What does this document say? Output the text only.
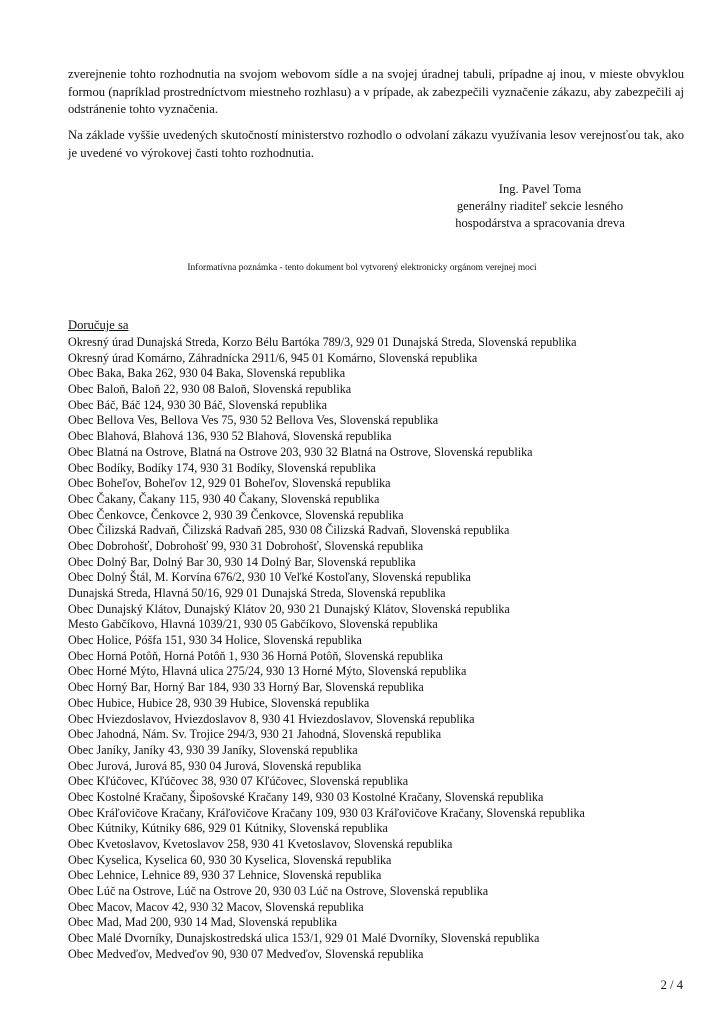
zverejnenie tohto rozhodnutia na svojom webovom sídle a na svojej úradnej tabuli, prípadne aj inou, v mieste obvyklou formou (napríklad prostredníctvom miestneho rozhlasu) a v prípade, ak zabezpečili vyznačenie zákazu, aby zabezpečili aj odstránenie tohto vyznačenia.

Na základe vyššie uvedených skutočností ministerstvo rozhodlo o odvolaní zákazu využívania lesov verejnosťou tak, ako je uvedené vo výrokovej časti tohto rozhodnutia.

Ing. Pavel Toma
generálny riaditeľ sekcie lesného
hospodárstva a spracovania dreva
Informatívna poznámka - tento dokument bol vytvorený elektronicky orgánom verejnej moci
Doručuje sa
Okresný úrad Dunajská Streda, Korzo Bélu Bartóka 789/3, 929 01 Dunajská Streda, Slovenská republika
Okresný úrad Komárno, Záhradnícka 2911/6, 945 01 Komárno, Slovenská republika
Obec Baka, Baka 262, 930 04 Baka, Slovenská republika
Obec Baloň, Baloň 22, 930 08 Baloň, Slovenská republika
Obec Báč, Báč 124, 930 30 Báč, Slovenská republika
Obec Bellova Ves, Bellova Ves 75, 930 52 Bellova Ves, Slovenská republika
Obec Blahová, Blahová 136, 930 52 Blahová, Slovenská republika
Obec Blatná na Ostrove, Blatná na Ostrove 203, 930 32 Blatná na Ostrove, Slovenská republika
Obec Bodíky, Bodíky 174, 930 31 Bodíky, Slovenská republika
Obec Boheľov, Boheľov 12, 929 01 Boheľov, Slovenská republika
Obec Čakany, Čakany 115, 930 40 Čakany, Slovenská republika
Obec Čenkovce, Čenkovce 2, 930 39 Čenkovce, Slovenská republika
Obec Čilizská Radvaň, Čilizská Radvaň 285, 930 08 Čilizská Radvaň, Slovenská republika
Obec Dobrohošť, Dobrohošť 99, 930 31 Dobrohošť, Slovenská republika
Obec Dolný Bar, Dolný Bar 30, 930 14 Dolný Bar, Slovenská republika
Obec Dolný Štál, M. Korvína 676/2, 930 10 Veľké Kostoľany, Slovenská republika
Dunajská Streda, Hlavná 50/16, 929 01 Dunajská Streda, Slovenská republika
Obec Dunajský Klátov, Dunajský Klátov 20, 930 21 Dunajský Klátov, Slovenská republika
Mesto Gabčíkovo, Hlavná 1039/21, 930 05 Gabčíkovo, Slovenská republika
Obec Holice, Póšfa 151, 930 34 Holice, Slovenská republika
Obec Horná Potôň, Horná Potôň 1, 930 36 Horná Potôň, Slovenská republika
Obec Horné Mýto, Hlavná ulica 275/24, 930 13 Horné Mýto, Slovenská republika
Obec Horný Bar, Horný Bar 184, 930 33 Horný Bar, Slovenská republika
Obec Hubice, Hubice 28, 930 39 Hubice, Slovenská republika
Obec Hviezdoslavov, Hviezdoslavov 8, 930 41 Hviezdoslavov, Slovenská republika
Obec Jahodná, Nám. Sv. Trojice 294/3, 930 21 Jahodná, Slovenská republika
Obec Janíky, Janíky 43, 930 39 Janíky, Slovenská republika
Obec Jurová, Jurová 85, 930 04 Jurová, Slovenská republika
Obec Kľúčovec, Kľúčovec 38, 930 07 Kľúčovec, Slovenská republika
Obec Kostolné Kračany, Šipošovské Kračany 149, 930 03 Kostolné Kračany, Slovenská republika
Obec Kráľovičove Kračany, Kráľovičove Kračany 109, 930 03 Kráľovičove Kračany, Slovenská republika
Obec Kútniky, Kútniky 686, 929 01 Kútniky, Slovenská republika
Obec Kvetoslavov, Kvetoslavov 258, 930 41 Kvetoslavov, Slovenská republika
Obec Kyselica, Kyselica 60, 930 30 Kyselica, Slovenská republika
Obec Lehnice, Lehnice 89, 930 37 Lehnice, Slovenská republika
Obec Lúč na Ostrove, Lúč na Ostrove 20, 930 03 Lúč na Ostrove, Slovenská republika
Obec Macov, Macov 42, 930 32 Macov, Slovenská republika
Obec Mad, Mad 200, 930 14 Mad, Slovenská republika
Obec Malé Dvorníky, Dunajskostredská ulica 153/1, 929 01 Malé Dvorníky, Slovenská republika
Obec Medveďov, Medveďov 90, 930 07 Medveďov, Slovenská republika
2 / 4
